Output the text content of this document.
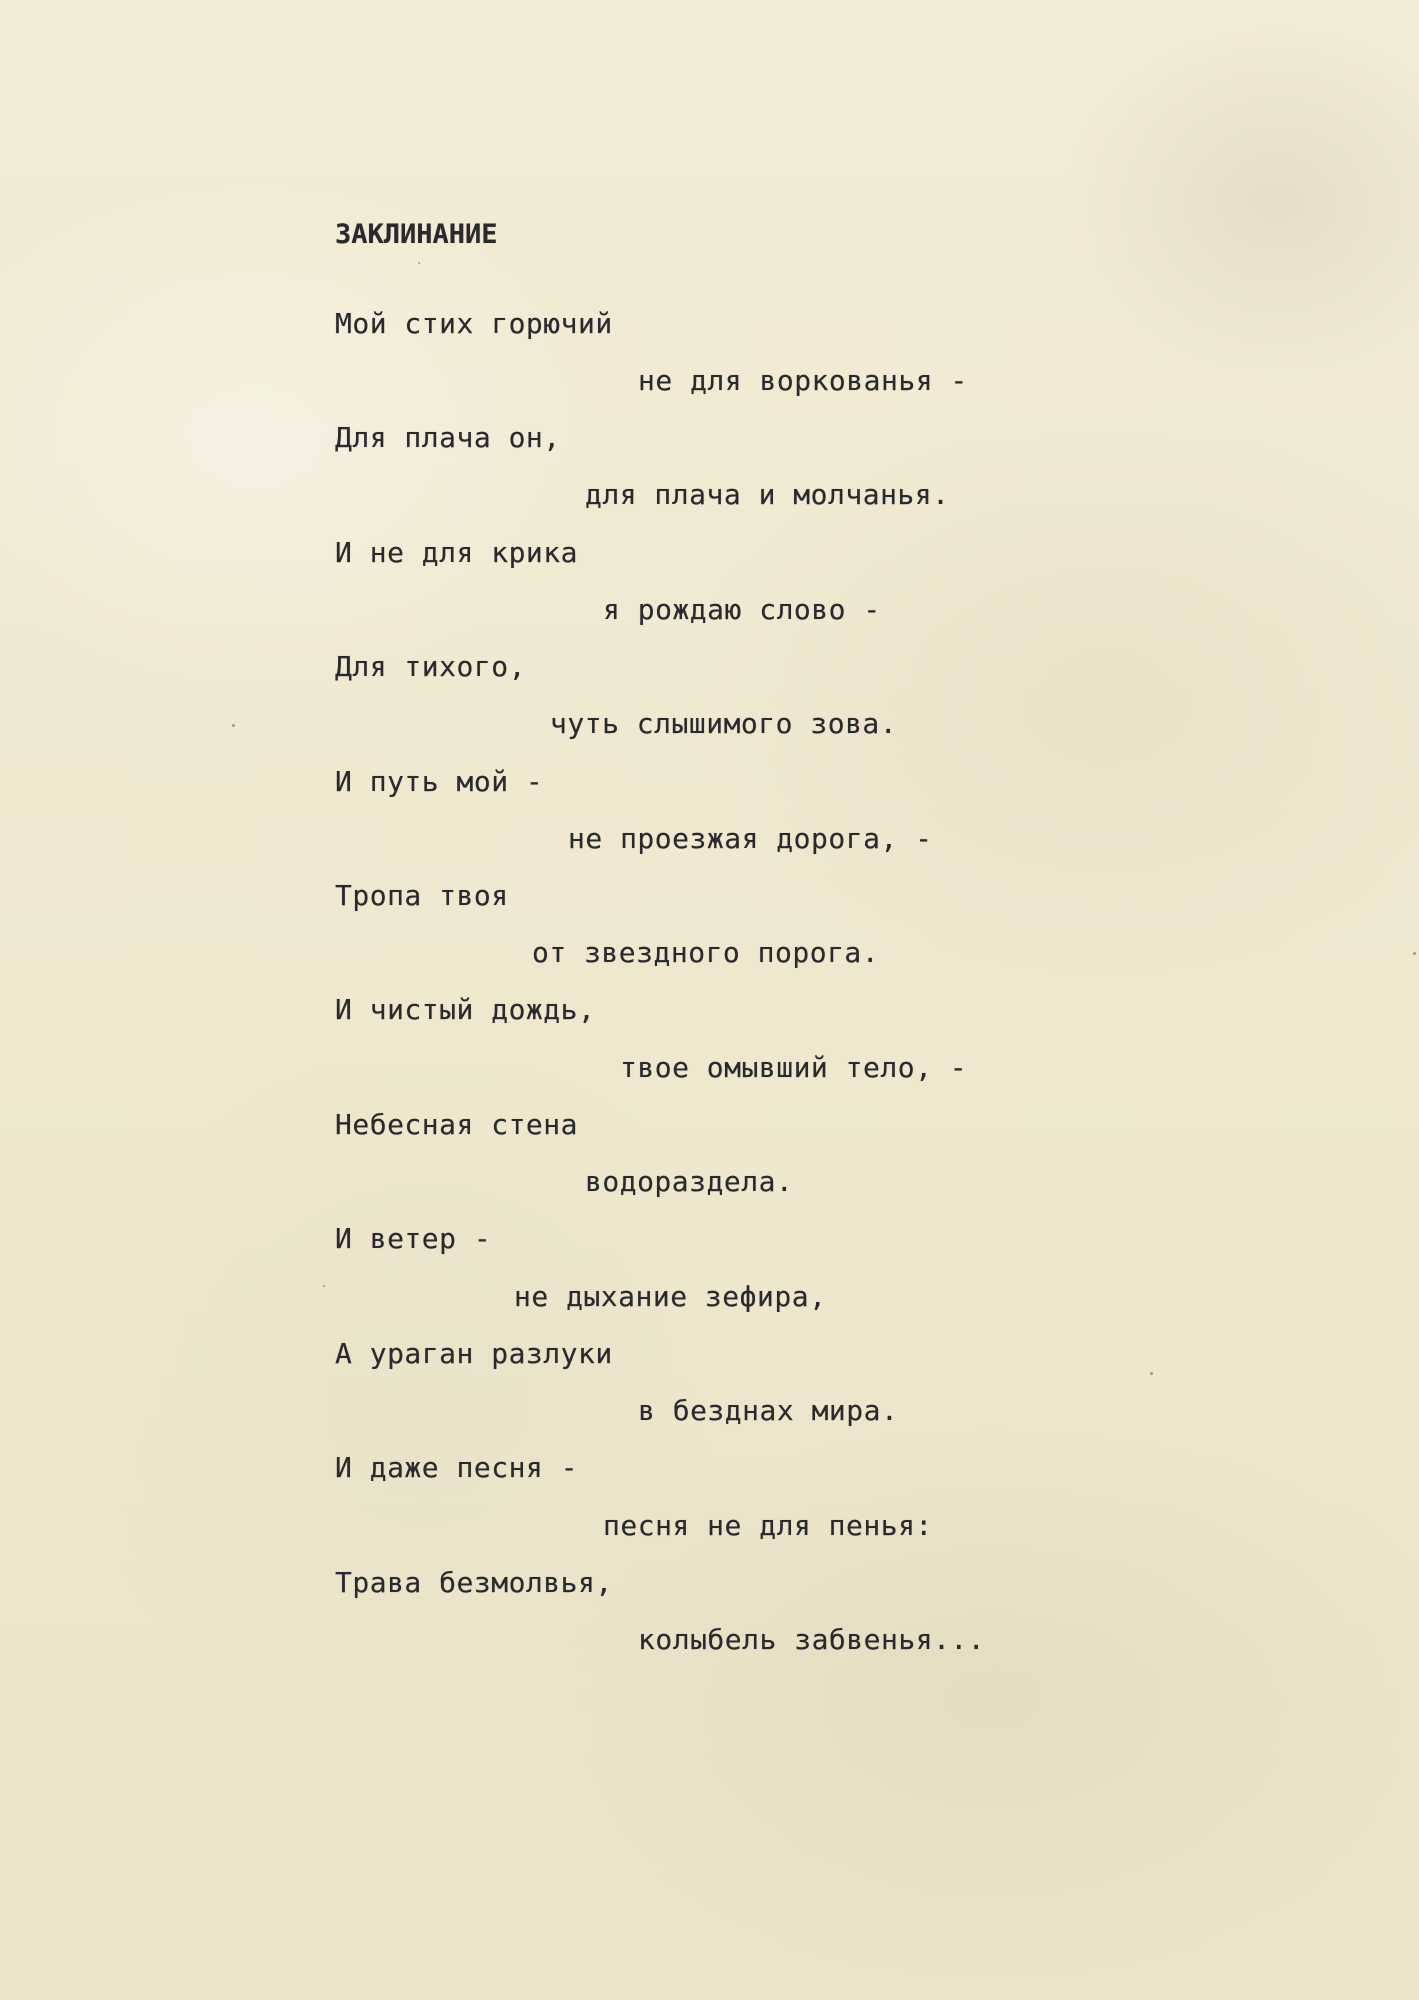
ЗАКЛИНАНИЕ

Мой стих горючий

не для воркованья -

Для плача он,

для плача и молчанья.

И не для крика

я рождаю слово -

Для тихого,

чуть слышимого зова.

И путь мой -

не проезжая дорога, -

Тропа твоя

от звездного порога.

И чистый дождь,

твое омывший тело, -

Небесная стена

водораздела.

И ветер -

не дыхание зефира,

А ураган разлуки

в безднах мира.

И даже песня -

песня не для пенья:

Трава безмолвья,

колыбель забвенья...
